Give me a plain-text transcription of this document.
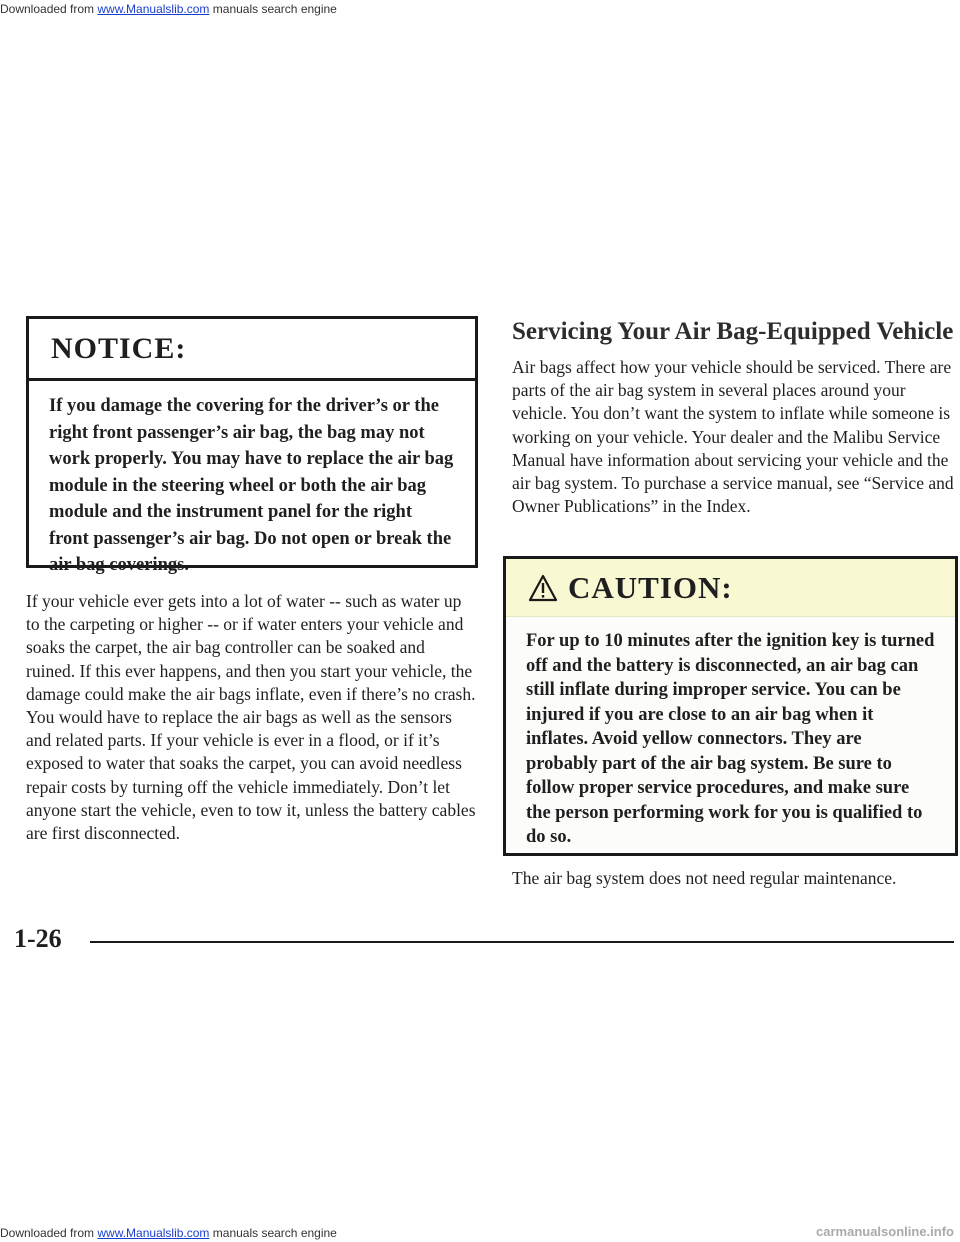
Downloaded from www.Manualslib.com manuals search engine
NOTICE:
If you damage the covering for the driver’s or the right front passenger’s air bag, the bag may not work properly. You may have to replace the air bag module in the steering wheel or both the air bag module and the instrument panel for the right front passenger’s air bag. Do not open or break the air bag coverings.
If your vehicle ever gets into a lot of water -- such as water up to the carpeting or higher -- or if water enters your vehicle and soaks the carpet, the air bag controller can be soaked and ruined. If this ever happens, and then you start your vehicle, the damage could make the air bags inflate, even if there’s no crash. You would have to replace the air bags as well as the sensors and related parts. If your vehicle is ever in a flood, or if it’s exposed to water that soaks the carpet, you can avoid needless repair costs by turning off the vehicle immediately. Don’t let anyone start the vehicle, even to tow it, unless the battery cables are first disconnected.
Servicing Your Air Bag-Equipped Vehicle
Air bags affect how your vehicle should be serviced. There are parts of the air bag system in several places around your vehicle. You don’t want the system to inflate while someone is working on your vehicle. Your dealer and the Malibu Service Manual have information about servicing your vehicle and the air bag system. To purchase a service manual, see “Service and Owner Publications” in the Index.
CAUTION:
For up to 10 minutes after the ignition key is turned off and the battery is disconnected, an air bag can still inflate during improper service. You can be injured if you are close to an air bag when it inflates. Avoid yellow connectors. They are probably part of the air bag system. Be sure to follow proper service procedures, and make sure the person performing work for you is qualified to do so.
The air bag system does not need regular maintenance.
1-26
Downloaded from www.Manualslib.com manuals search engine	carmanualsonline.info
